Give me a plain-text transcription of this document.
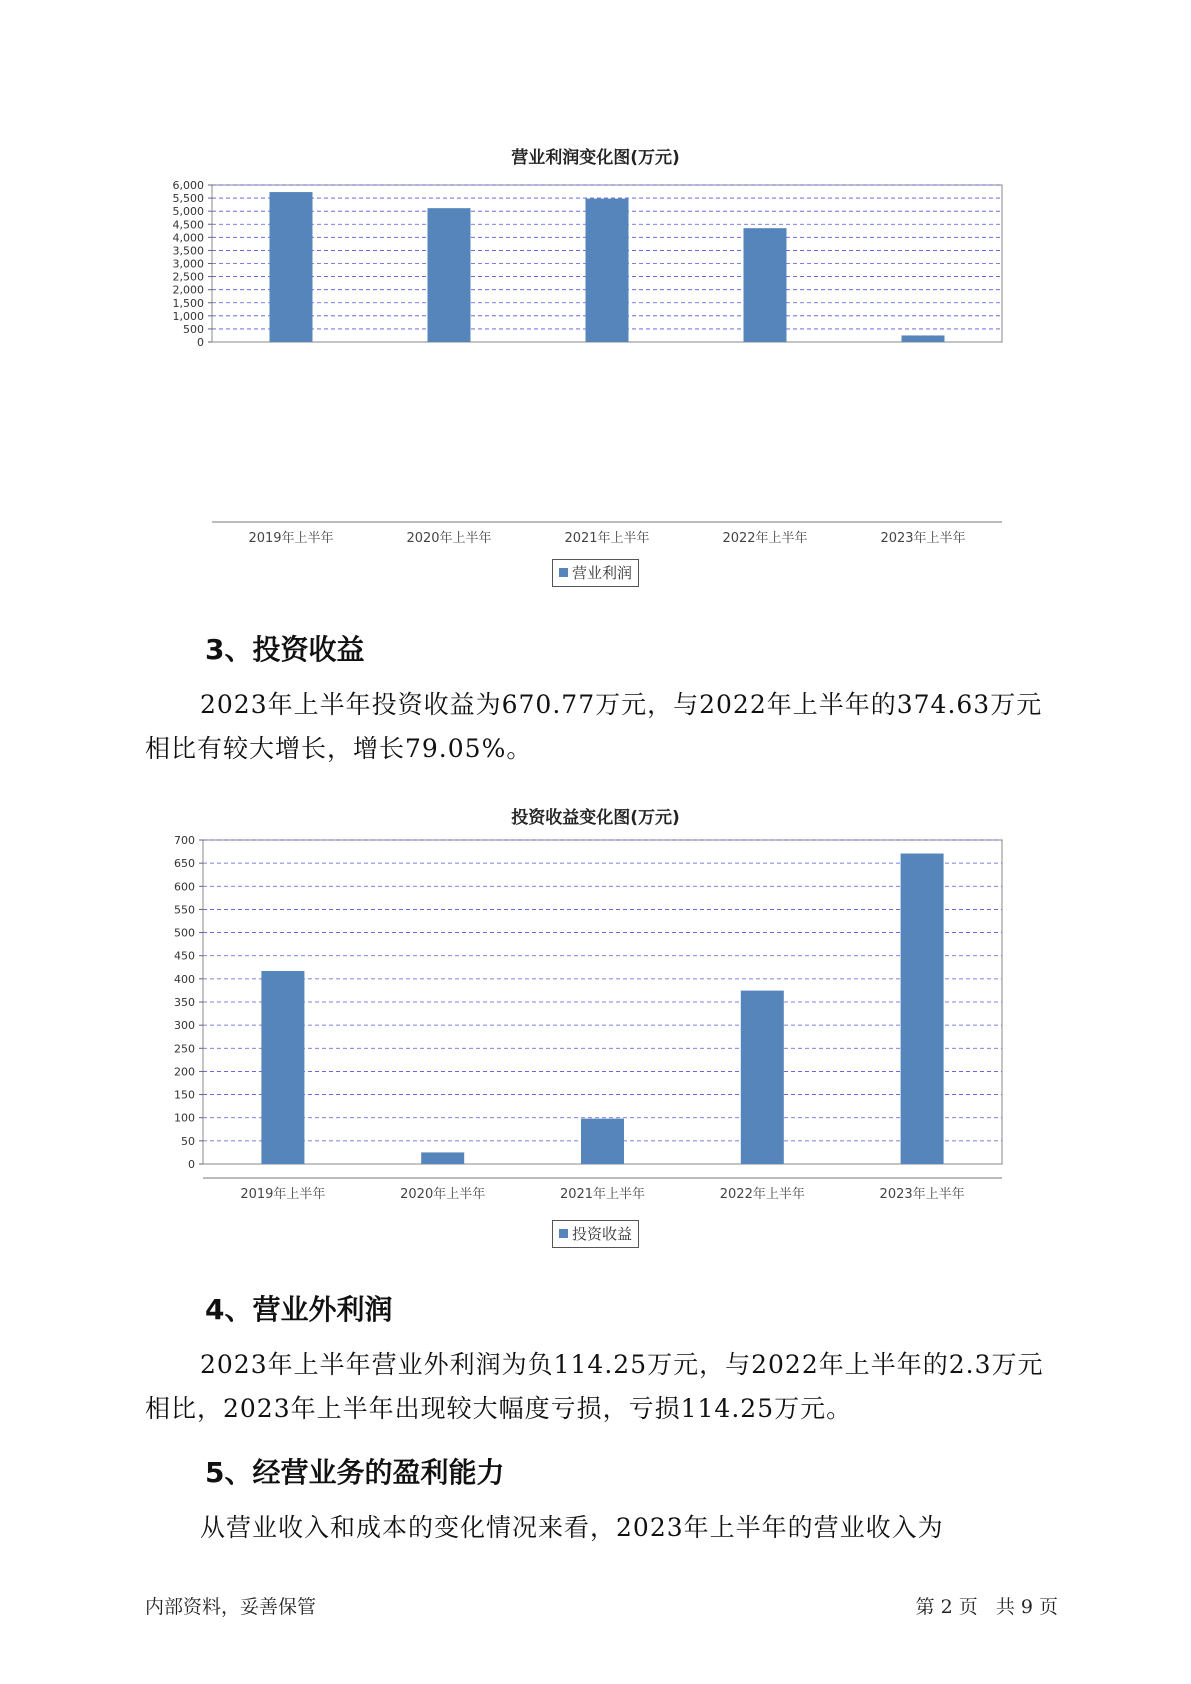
营业利润变化图(万元)
0
500
1,000
1,500
2,000
2,500
3,000
3,500
4,000
4,500
5,000
5,500
6,000
2019年上半年	2020年上半年	2021年上半年	2022年上半年	2023年上半年
营业利润
3、投资收益
2023年上半年投资收益为670.77万元，与2022年上半年的374.63万元相比有较大增长，增长79.05%。
投资收益变化图(万元)
0
50
100
150
200
250
300
350
400
450
500
550
600
650
700
2019年上半年	2020年上半年	2021年上半年	2022年上半年	2023年上半年
投资收益
4、营业外利润
2023年上半年营业外利润为负114.25万元，与2022年上半年的2.3万元相比，2023年上半年出现较大幅度亏损，亏损114.25万元。
5、经营业务的盈利能力
从营业收入和成本的变化情况来看，2023年上半年的营业收入为
内部资料，妥善保管	第 2 页   共 9 页
